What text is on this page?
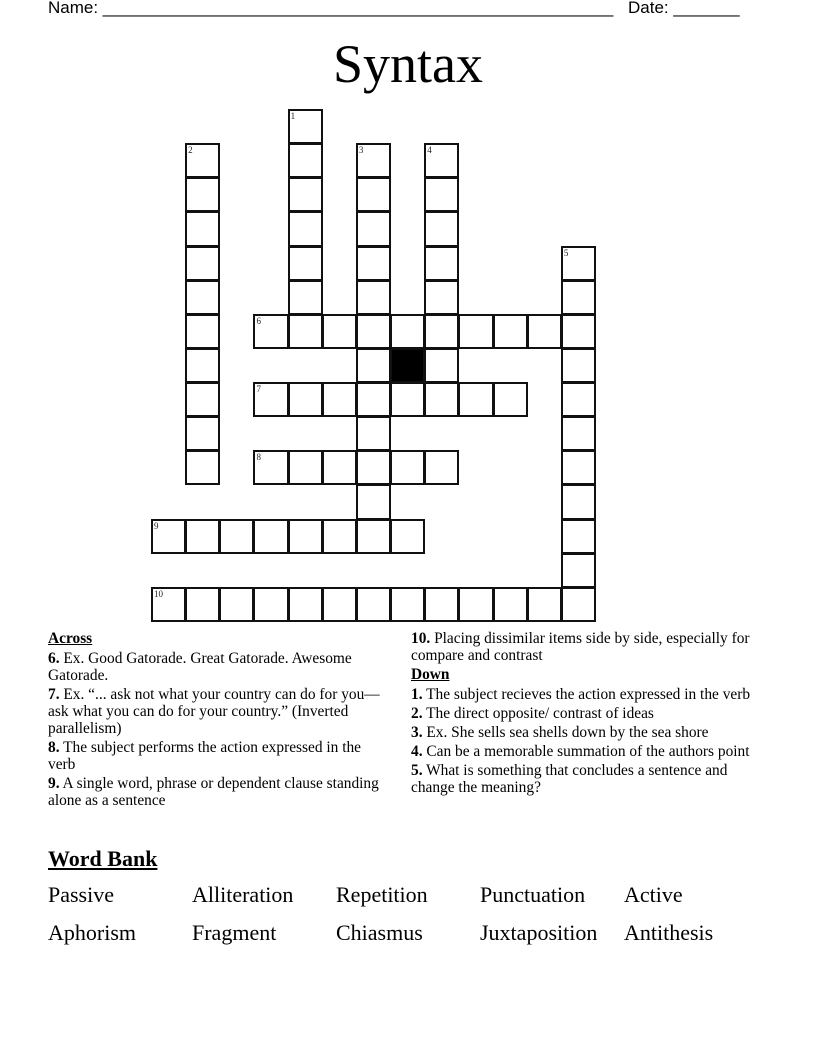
Name: ______________________________________________________ Date: _______
Syntax
1
2	3	4
5
6
7
8
9
10
Across
6. Ex. Good Gatorade. Great Gatorade. Awesome Gatorade.
7. Ex. “... ask not what your country can do for you—ask what you can do for your country.” (Inverted parallelism)
8. The subject performs the action expressed in the verb
9. A single word, phrase or dependent clause standing alone as a sentence
10. Placing dissimilar items side by side, especially for compare and contrast
Down
1. The subject recieves the action expressed in the verb
2. The direct opposite/ contrast of ideas
3. Ex. She sells sea shells down by the sea shore
4. Can be a memorable summation of the authors point
5. What is something that concludes a sentence and change the meaning?
Word Bank
Passive	Alliteration Repetition Punctuation Active
Aphorism	Fragment	Chiasmus	Juxtaposition Antithesis
